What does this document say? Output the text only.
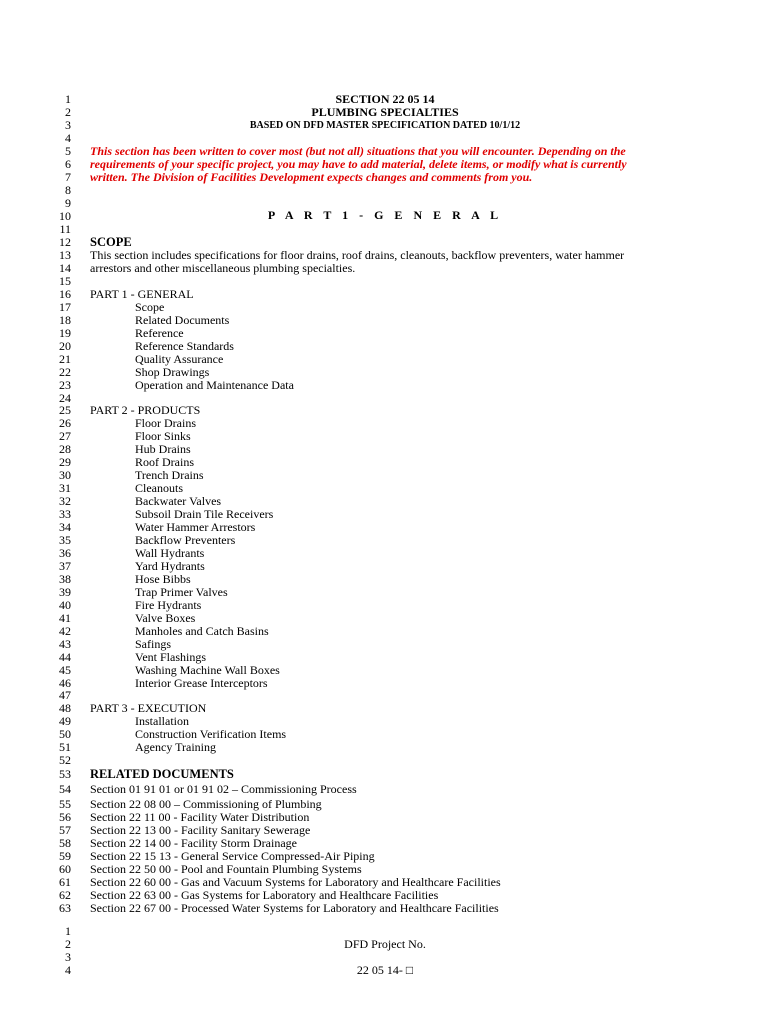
1
2
3
4
5
6
7
8
9
10
11
12
13
14
15
16
17
18
19
20
21
22
23
24
25
26
27
28
29
30
31
32
33
34
35
36
37
38
39
40
41
42
43
44
45
46
47
48
49
50
51
52
53
54
55
56
57
58
59
60
61
62
63
SECTION 22 05 14
PLUMBING SPECIALTIES
BASED ON DFD MASTER SPECIFICATION DATED 10/1/12
This section has been written to cover most (but not all) situations that you will encounter. Depending on the
requirements of your specific project, you may have to add material, delete items, or modify what is currently
written. The Division of Facilities Development expects changes and comments from you.
P A R T 1 - G E N E R A L
SCOPE
This section includes specifications for floor drains, roof drains, cleanouts, backflow preventers, water hammer
arrestors and other miscellaneous plumbing specialties.
PART 1 - GENERAL
Scope
Related Documents
Reference
Reference Standards
Quality Assurance
Shop Drawings
Operation and Maintenance Data
PART 2 - PRODUCTS
Floor Drains
Floor Sinks
Hub Drains
Roof Drains
Trench Drains
Cleanouts
Backwater Valves
Subsoil Drain Tile Receivers
Water Hammer Arrestors
Backflow Preventers
Wall Hydrants
Yard Hydrants
Hose Bibbs
Trap Primer Valves
Fire Hydrants
Valve Boxes
Manholes and Catch Basins
Safings
Vent Flashings
Washing Machine Wall Boxes
Interior Grease Interceptors
PART 3 - EXECUTION
Installation
Construction Verification Items
Agency Training
RELATED DOCUMENTS
Section 01 91 01 or 01 91 02 – Commissioning Process
Section 22 08 00 – Commissioning of Plumbing
Section 22 11 00 - Facility Water Distribution
Section 22 13 00 - Facility Sanitary Sewerage
Section 22 14 00 - Facility Storm Drainage
Section 22 15 13 - General Service Compressed-Air Piping
Section 22 50 00 - Pool and Fountain Plumbing Systems
Section 22 60 00 - Gas and Vacuum Systems for Laboratory and Healthcare Facilities
Section 22 63 00 - Gas Systems for Laboratory and Healthcare Facilities
Section 22 67 00 - Processed Water Systems for Laboratory and Healthcare Facilities
1
2
3
4
DFD Project No.
22 05 14- □
